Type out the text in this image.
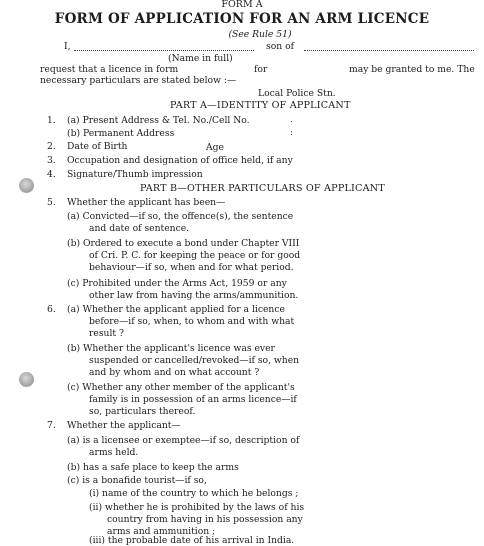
FORM A
FORM OF APPLICATION FOR AN ARM LICENCE
(See Rule 51)
I,	son of
(Name in full)
request that a licence in form	for	may be granted to me. The
necessary particulars are stated below :—
Local Police Stn.
PART A—IDENTITY OF APPLICANT
1. (a) Present Address & Tel. No./Cell No.	.
(b) Permanent Address	:
2. Date of Birth	Age
3. Occupation and designation of office held, if any
4. Signature/Thumb impression
PART B—OTHER PARTICULARS OF APPLICANT
5. Whether the applicant has been—
(a) Convicted—if so, the offence(s), the sentence
and date of sentence.
(b) Ordered to execute a bond under Chapter VIII
of Cri. P. C. for keeping the peace or for good
behaviour—if so, when and for what period.
(c) Prohibited under the Arms Act, 1959 or any
other law from having the arms/ammunition.
6. (a) Whether the applicant applied for a licence
before—if so, when, to whom and with what
result ?
(b) Whether the applicant's licence was ever
suspended or cancelled/revoked—if so, when
and by whom and on what account ?
(c) Whether any other member of the applicant's
family is in possession of an arms licence—if
so, particulars thereof.
7. Whether the applicant—
(a) is a licensee or exemptee—if so, description of
arms held.
(b) has a safe place to keep the arms
(c) is a bonafide tourist—if so,
(i) name of the country to which he belongs ;
(ii) whether he is prohibited by the laws of his
country from having in his possession any
arms and ammunition ;
(iii) the probable date of his arrival in India.
